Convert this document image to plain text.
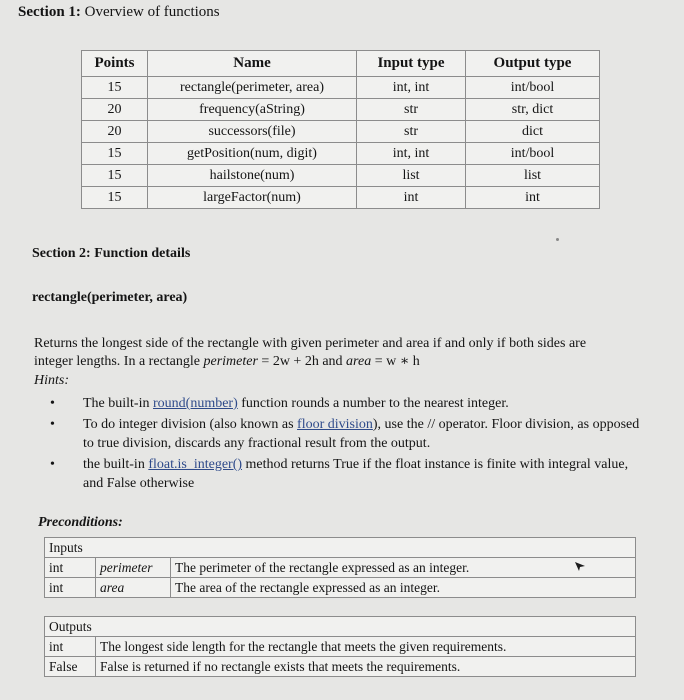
Section 1: Overview of functions
Points	Name	Input type	Output type
15	rectangle(perimeter, area)	int, int	int/bool
20	frequency(aString)	str	str, dict
20	successors(file)	str	dict
15	getPosition(num, digit)	int, int	int/bool
15	hailstone(num)	list	list
15	largeFactor(num)	int	int
Section 2: Function details
rectangle(perimeter, area)
Returns the longest side of the rectangle with given perimeter and area if and only if both sides are
integer lengths. In a rectangle perimeter = 2w + 2h and area = w ∗ h
Hints:
• The built-in round(number) function rounds a number to the nearest integer.
• To do integer division (also known as floor division), use the // operator. Floor division, as opposed to true division, discards any fractional result from the output.
• the built-in float.is_integer() method returns True if the float instance is finite with integral value, and False otherwise
Preconditions:
Inputs		
int	perimeter	The perimeter of the rectangle expressed as an integer.
int	area	The area of the rectangle expressed as an integer.
Outputs	
int	The longest side length for the rectangle that meets the given requirements.
False	False is returned if no rectangle exists that meets the requirements.
